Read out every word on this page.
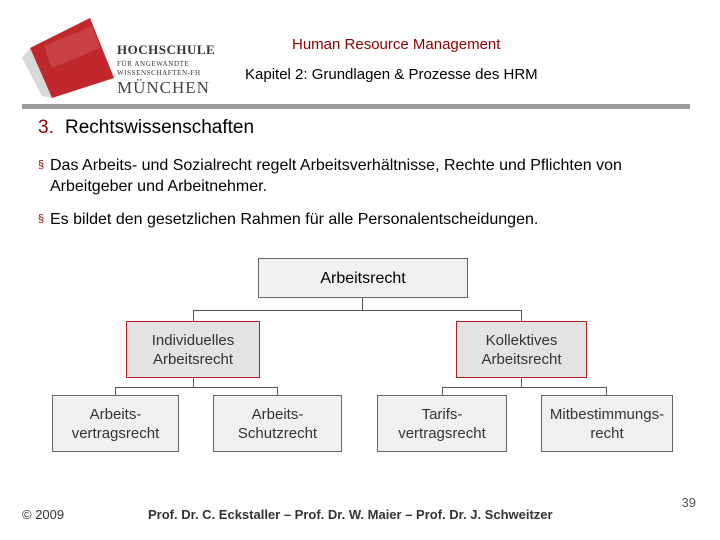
HOCHSCHULE
FÜR ANGEWANDTE
WISSENSCHAFTEN-FH
MÜNCHEN
Human Resource Management
Kapitel 2: Grundlagen & Prozesse des HRM
3. Rechtswissenschaften
§ Das Arbeits- und Sozialrecht regelt Arbeitsverhältnisse, Rechte und Pflichten von Arbeitgeber und Arbeitnehmer.
§ Es bildet den gesetzlichen Rahmen für alle Personalentscheidungen.
Arbeitsrecht
Individuelles
Arbeitsrecht
Kollektives
Arbeitsrecht
Arbeits-
vertragsrecht
Arbeits-
Schutzrecht
Tarifs-
vertragsrecht
Mitbestimmungs-
recht
© 2009	Prof. Dr. C. Eckstaller – Prof. Dr. W. Maier – Prof. Dr. J. Schweitzer
39
